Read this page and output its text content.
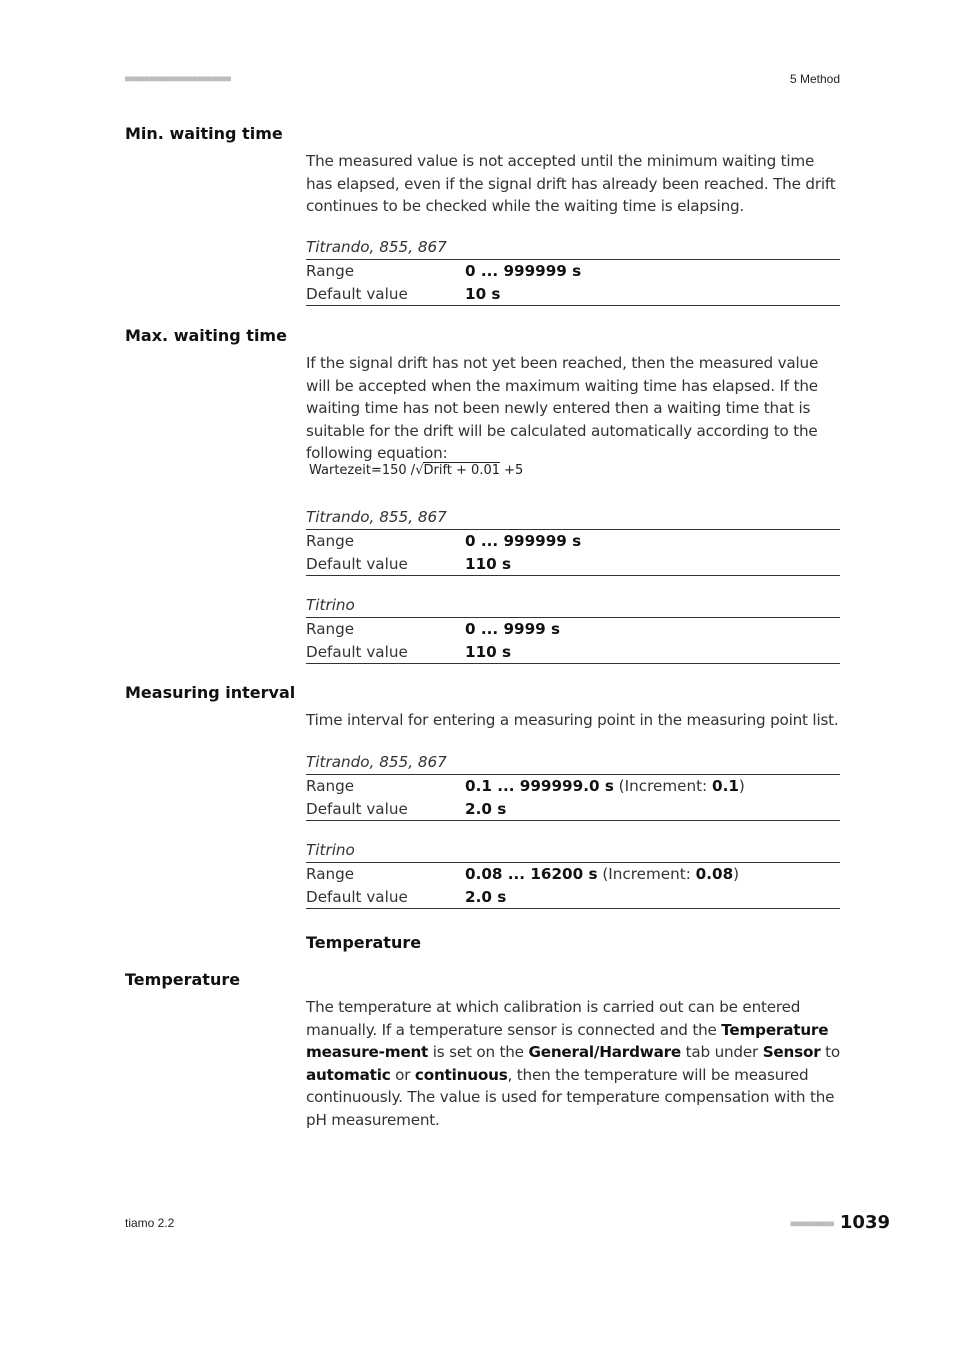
■■■■■■■■■■■■■■■■■■■■■■	5 Method
Min. waiting time
The measured value is not accepted until the minimum waiting time has elapsed, even if the signal drift has already been reached. The drift continues to be checked while the waiting time is elapsing.
Titrando, 855, 867
Range	0 ... 999999 s
Default value	10 s
Max. waiting time
If the signal drift has not yet been reached, then the measured value will be accepted when the maximum waiting time has elapsed. If the waiting time has not been newly entered then a waiting time that is suitable for the drift will be calculated automatically according to the following equation:
Wartezeit=150 /√Drift + 0.01 +5
Titrando, 855, 867
Range	0 ... 999999 s
Default value	110 s
Titrino
Range	0 ... 9999 s
Default value	110 s
Measuring interval
Time interval for entering a measuring point in the measuring point list.
Titrando, 855, 867
Range	0.1 ... 999999.0 s (Increment: 0.1)
Default value	2.0 s
Titrino
Range	0.08 ... 16200 s (Increment: 0.08)
Default value	2.0 s
Temperature
Temperature
The temperature at which calibration is carried out can be entered manually. If a temperature sensor is connected and the Temperature measure-ment is set on the General/Hardware tab under Sensor to automatic or continuous, then the temperature will be measured continuously. The value is used for temperature compensation with the pH measurement.
tiamo 2.2	■■■■■■■■■ 1039
